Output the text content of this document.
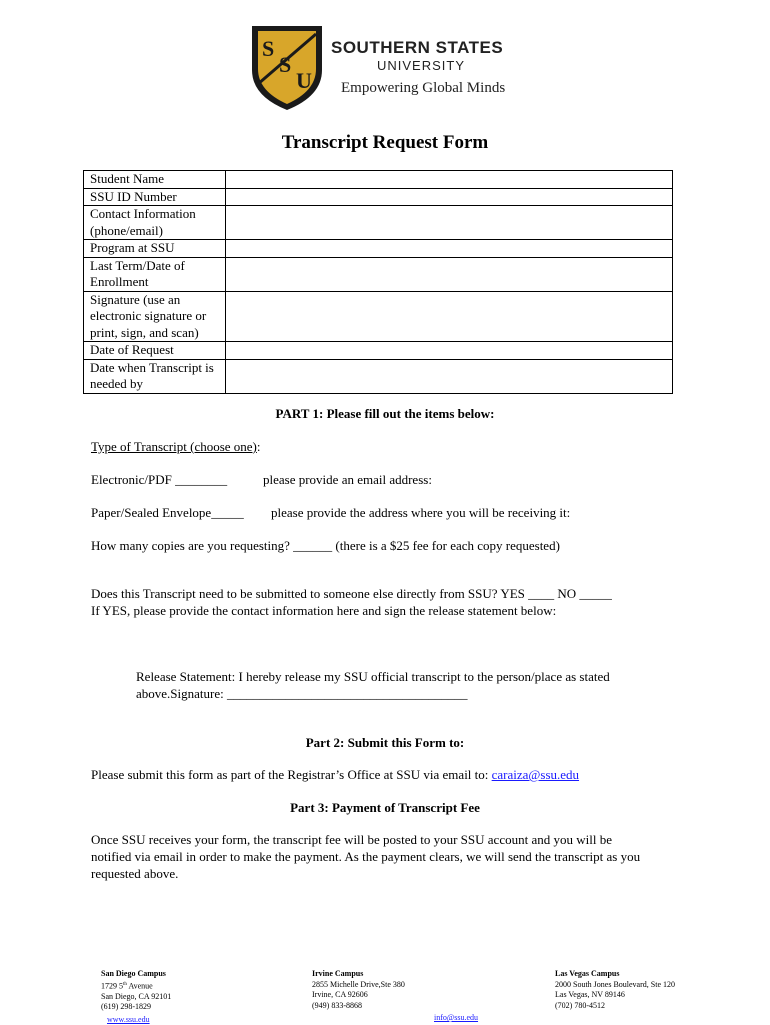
S
S
U
SOUTHERN STATES
UNIVERSITY
Empowering Global Minds
Transcript Request Form
Student Name	
SSU ID Number	
Contact Information (phone/email)	
Program at SSU	
Last Term/Date of Enrollment	
Signature (use an electronic signature or print, sign, and scan)	
Date of Request	
Date when Transcript is needed by	
PART 1: Please fill out the items below:
Type of Transcript (choose one):
Electronic/PDF ________	please provide an email address:
Paper/Sealed Envelope_____ please provide the address where you will be receiving it:
How many copies are you requesting? ______ (there is a $25 fee for each copy requested)
Does this Transcript need to be submitted to someone else directly from SSU? YES ____ NO _____
If YES, please provide the contact information here and sign the release statement below:
Release Statement: I hereby release my SSU official transcript to the person/place as stated
above.Signature: _____________________________________
Part 2: Submit this Form to:
Please submit this form as part of the Registrar’s Office at SSU via email to: caraiza@ssu.edu
Part 3: Payment of Transcript Fee
Once SSU receives your form, the transcript fee will be posted to your SSU account and you will be
notified via email in order to make the payment. As the payment clears, we will send the transcript as you
requested above.
San Diego Campus
1729 5th Avenue
San Diego, CA 92101
(619) 298-1829
www.ssu.edu
Irvine Campus
2855 Michelle Drive,Ste 380
Irvine, CA 92606
(949) 833-8868
info@ssu.edu
Las Vegas Campus
2000 South Jones Boulevard, Ste 120
Las Vegas, NV 89146
(702) 780-4512
